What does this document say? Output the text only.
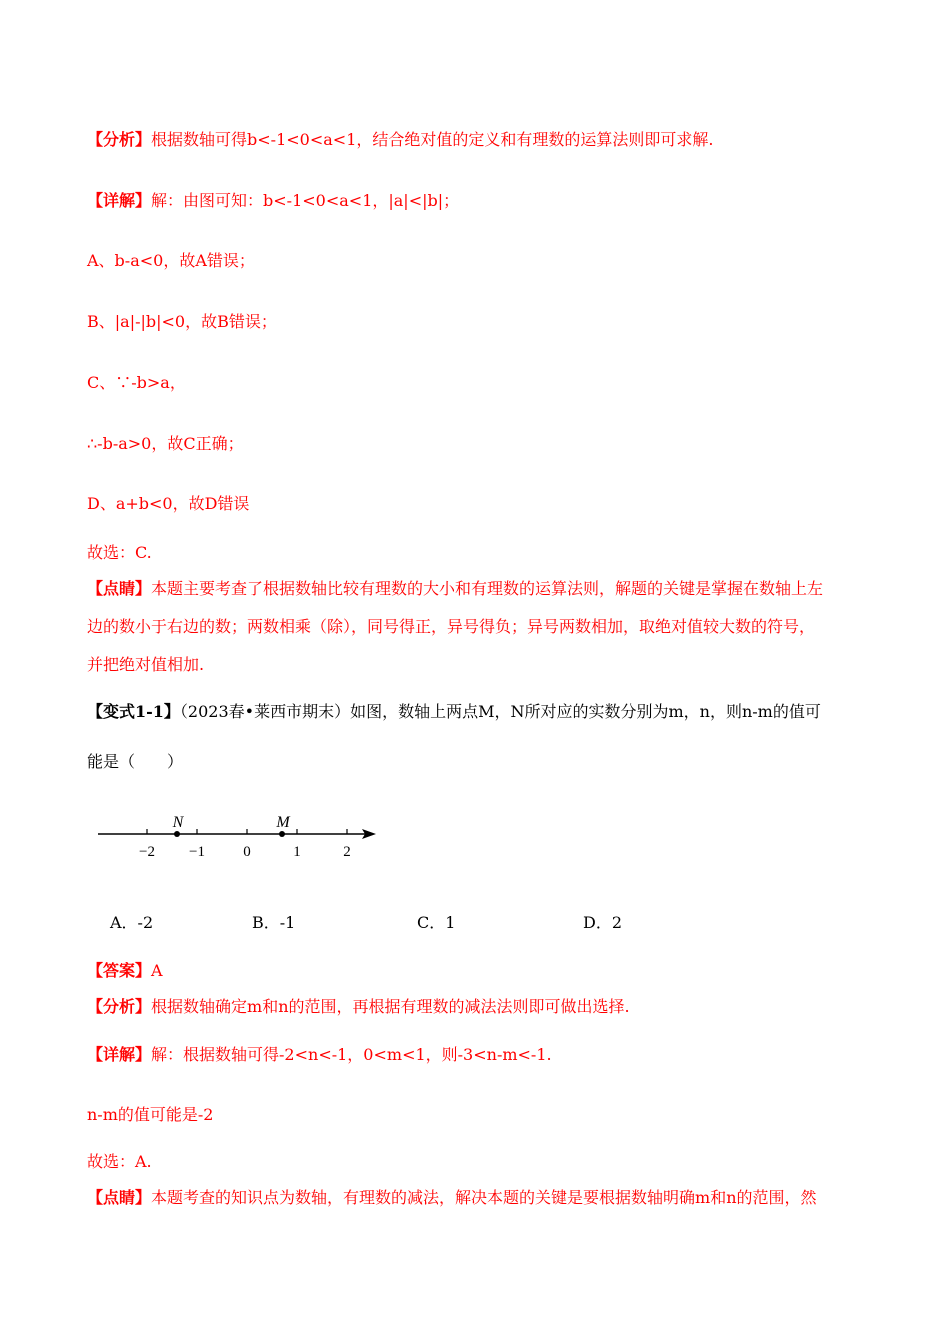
【分析】根据数轴可得b<-1<0<a<1，结合绝对值的定义和有理数的运算法则即可求解.
【详解】解：由图可知：b<-1<0<a<1，|a|<|b|；
A、b-a<0，故A错误；
B、|a|-|b|<0，故B错误；
C、∵-b>a，
∴-b-a>0，故C正确；
D、a+b<0，故D错误
故选：C.
【点睛】本题主要考查了根据数轴比较有理数的大小和有理数的运算法则，解题的关键是掌握在数轴上左
边的数小于右边的数；两数相乘（除），同号得正，异号得负；异号两数相加，取绝对值较大数的符号，
并把绝对值相加.
【变式1-1】（2023春•莱西市期末）如图，数轴上两点M，N所对应的实数分别为m，n，则n-m的值可
能是（　　）
−2 −1	0	1	2
N	M
A．-2	B．-1	C．1	D．2
【答案】A
【分析】根据数轴确定m和n的范围，再根据有理数的减法法则即可做出选择.
【详解】解：根据数轴可得-2<n<-1，0<m<1，则-3<n-m<-1.
n-m的值可能是-2
故选：A.
【点睛】本题考查的知识点为数轴，有理数的减法，解决本题的关键是要根据数轴明确m和n的范围，然
